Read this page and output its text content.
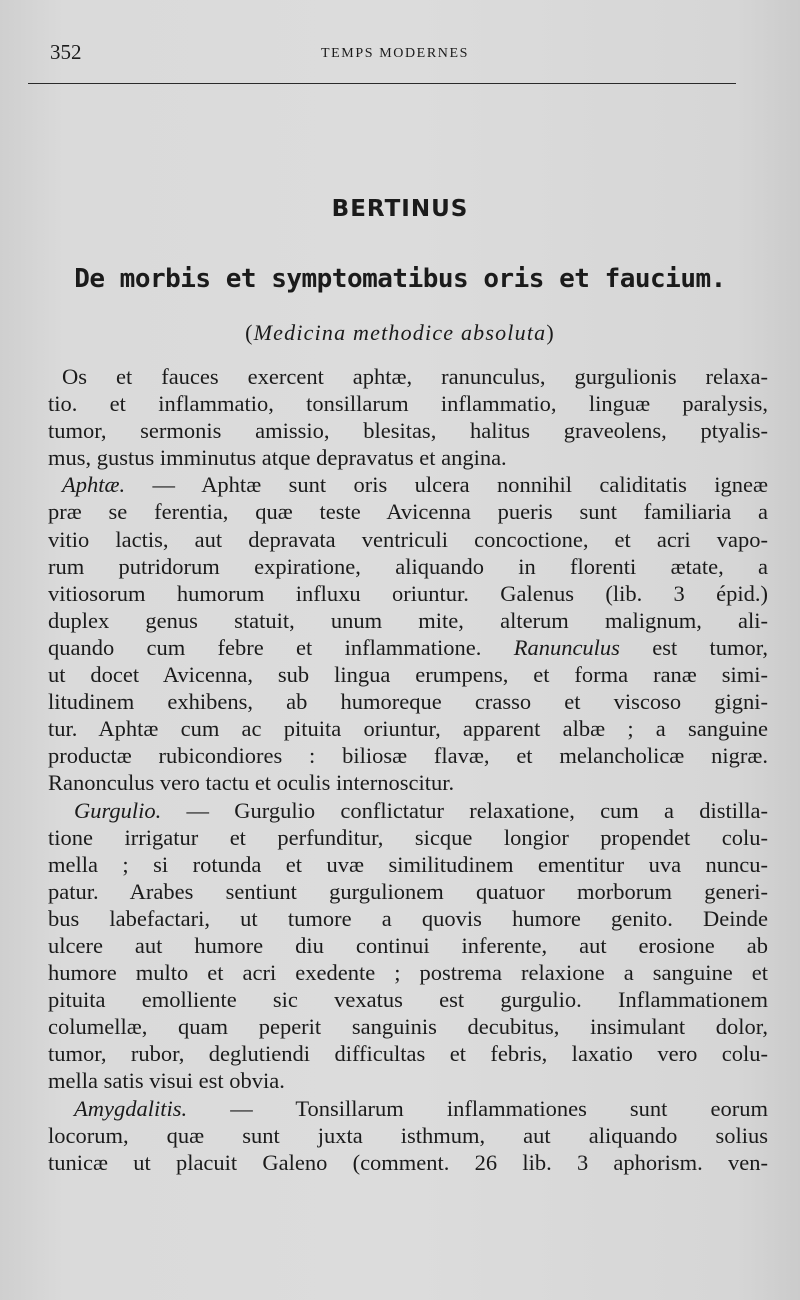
352	TEMPS MODERNES
BERTINUS
De morbis et symptomatibus oris et faucium.
(Medicina methodice absoluta)
Os et fauces exercent aphtæ, ranunculus, gurgulionis relaxa-
tio. et inflammatio, tonsillarum inflammatio, linguæ paralysis,
tumor, sermonis amissio, blesitas, halitus graveolens, ptyalis-
mus, gustus imminutus atque depravatus et angina.
Aphtæ. — Aphtæ sunt oris ulcera nonnihil caliditatis igneæ
præ se ferentia, quæ teste Avicenna pueris sunt familiaria a
vitio lactis, aut depravata ventriculi concoctione, et acri vapo-
rum putridorum expiratione, aliquando in florenti ætate, a
vitiosorum humorum influxu oriuntur. Galenus (lib. 3 épid.)
duplex genus statuit, unum mite, alterum malignum, ali-
quando cum febre et inflammatione. Ranunculus est tumor,
ut docet Avicenna, sub lingua erumpens, et forma ranæ simi-
litudinem exhibens, ab humoreque crasso et viscoso gigni-
tur. Aphtæ cum ac pituita oriuntur, apparent albæ ; a sanguine
productæ rubicondiores : biliosæ flavæ, et melancholicæ nigræ.
Ranonculus vero tactu et oculis internoscitur.
Gurgulio. — Gurgulio conflictatur relaxatione, cum a distilla-
tione irrigatur et perfunditur, sicque longior propendet colu-
mella ; si rotunda et uvæ similitudinem ementitur uva nuncu-
patur. Arabes sentiunt gurgulionem quatuor morborum generi-
bus labefactari, ut tumore a quovis humore genito. Deinde
ulcere aut humore diu continui inferente, aut erosione ab
humore multo et acri exedente ; postrema relaxione a sanguine et
pituita emolliente sic vexatus est gurgulio. Inflammationem
columellæ, quam peperit sanguinis decubitus, insimulant dolor,
tumor, rubor, deglutiendi difficultas et febris, laxatio vero colu-
mella satis visui est obvia.
Amygdalitis. — Tonsillarum inflammationes sunt eorum
locorum, quæ sunt juxta isthmum, aut aliquando solius
tunicæ ut placuit Galeno (comment. 26 lib. 3 aphorism. ven-
